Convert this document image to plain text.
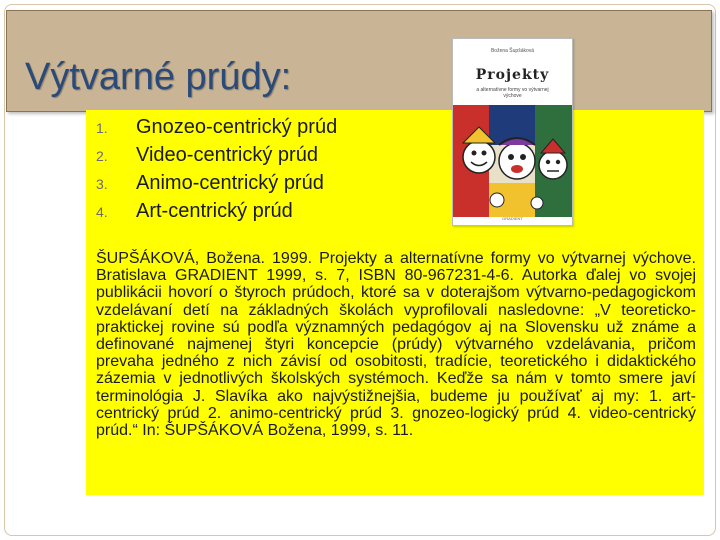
Výtvarné prúdy:
1.	Gnozeo-centrický prúd
2.	Video-centrický prúd
3.	Animo-centrický prúd
4.	Art-centrický prúd
Božena Šupšáková
Projekty
a alternatívne formy vo výtvarnej výchove
GRADIENT

ŠUPŠÁKOVÁ, Božena. 1999. Projekty a alternatívne formy vo výtvarnej výchove. Bratislava GRADIENT 1999, s. 7, ISBN 80-967231-4-6. Autorka ďalej vo svojej publikácii hovorí o štyroch prúdoch, ktoré sa v doterajšom výtvarno-pedagogickom vzdelávaní detí na základných školách vyprofilovali nasledovne: „V teoreticko-praktickej rovine sú podľa významných pedagógov aj na Slovensku už známe a definované najmenej štyri koncepcie (prúdy) výtvarného vzdelávania, pričom prevaha jedného z nich závisí od osobitosti, tradície, teoretického i didaktického zázemia v jednotlivých školských systémoch. Keďže sa nám v tomto smere javí terminológia J. Slavíka ako najvýstižnejšia, budeme ju používať aj my: 1. art-centrický prúd 2. animo-centrický prúd 3. gnozeo-logický prúd 4. video-centrický prúd.“ In: ŠUPŠÁKOVÁ Božena, 1999, s. 11.
